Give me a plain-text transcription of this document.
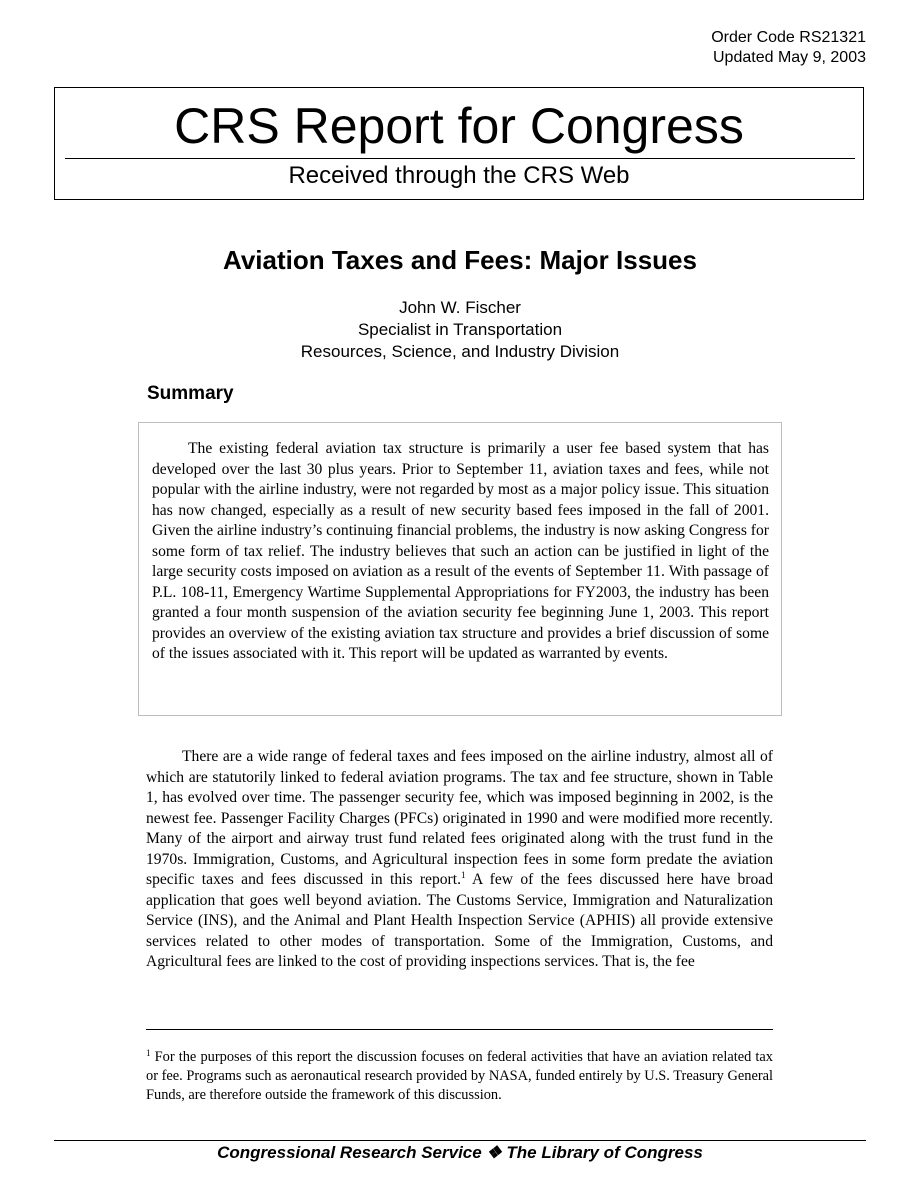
Order Code RS21321
Updated May 9, 2003
CRS Report for Congress
Received through the CRS Web
Aviation Taxes and Fees: Major Issues
John W. Fischer
Specialist in Transportation
Resources, Science, and Industry Division
Summary

The existing federal aviation tax structure is primarily a user fee based system that has developed over the last 30 plus years. Prior to September 11, aviation taxes and fees, while not popular with the airline industry, were not regarded by most as a major policy issue. This situation has now changed, especially as a result of new security based fees imposed in the fall of 2001. Given the airline industry’s continuing financial problems, the industry is now asking Congress for some form of tax relief. The industry believes that such an action can be justified in light of the large security costs imposed on aviation as a result of the events of September 11. With passage of P.L. 108-11, Emergency Wartime Supplemental Appropriations for FY2003, the industry has been granted a four month suspension of the aviation security fee beginning June 1, 2003. This report provides an overview of the existing aviation tax structure and provides a brief discussion of some of the issues associated with it. This report will be updated as warranted by events.

There are a wide range of federal taxes and fees imposed on the airline industry, almost all of which are statutorily linked to federal aviation programs. The tax and fee structure, shown in Table 1, has evolved over time. The passenger security fee, which was imposed beginning in 2002, is the newest fee. Passenger Facility Charges (PFCs) originated in 1990 and were modified more recently. Many of the airport and airway trust fund related fees originated along with the trust fund in the 1970s. Immigration, Customs, and Agricultural inspection fees in some form predate the aviation specific taxes and fees discussed in this report.$^1$ A few of the fees discussed here have broad application that goes well beyond aviation. The Customs Service, Immigration and Naturalization Service (INS), and the Animal and Plant Health Inspection Service (APHIS) all provide extensive services related to other modes of transportation. Some of the Immigration, Customs, and Agricultural fees are linked to the cost of providing inspections services. That is, the fee

$^1$ For the purposes of this report the discussion focuses on federal activities that have an aviation related tax or fee. Programs such as aeronautical research provided by NASA, funded entirely by U.S. Treasury General Funds, are therefore outside the framework of this discussion.

Congressional Research Service ❖ The Library of Congress
